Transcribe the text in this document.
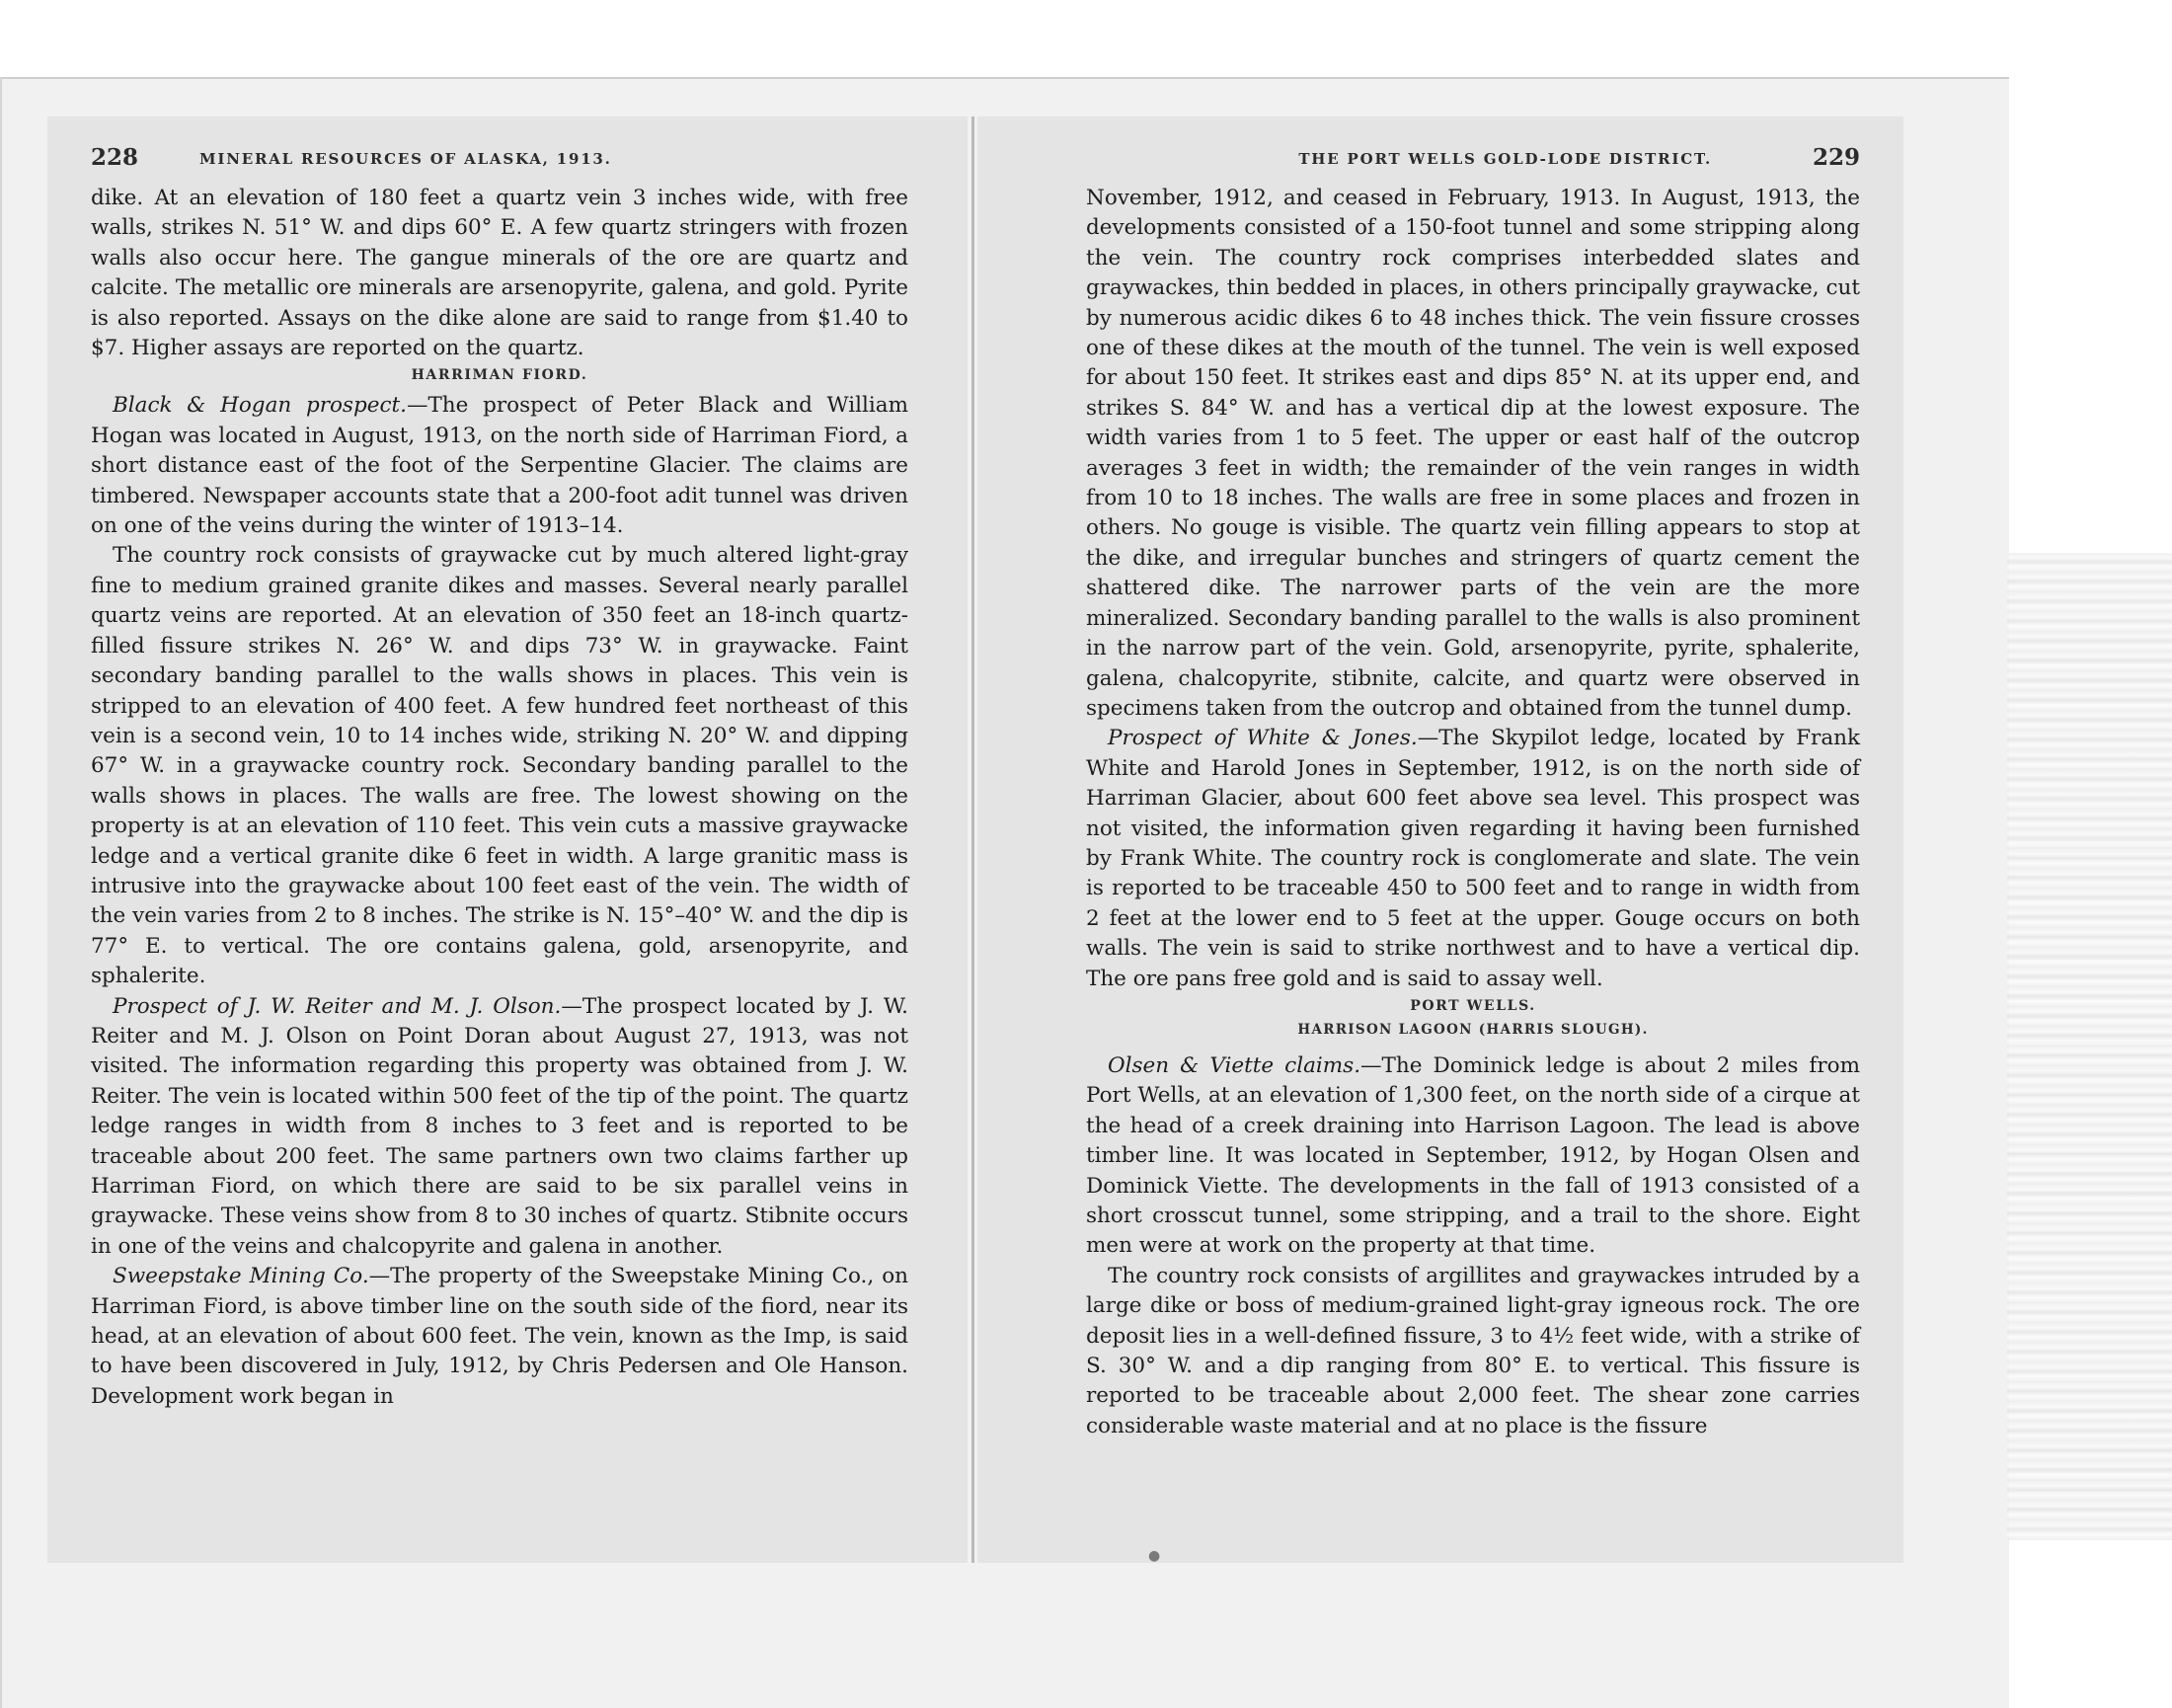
228	MINERAL RESOURCES OF ALASKA, 1913.

dike. At an elevation of 180 feet a quartz vein 3 inches wide, with free walls, strikes N. 51° W. and dips 60° E. A few quartz stringers with frozen walls also occur here. The gangue minerals of the ore are quartz and calcite. The metallic ore minerals are arsenopyrite, galena, and gold. Pyrite is also reported. Assays on the dike alone are said to range from $1.40 to $7. Higher assays are reported on the quartz.

HARRIMAN FIORD.

Black & Hogan prospect.—The prospect of Peter Black and William Hogan was located in August, 1913, on the north side of Harriman Fiord, a short distance east of the foot of the Serpentine Glacier. The claims are timbered. Newspaper accounts state that a 200-foot adit tunnel was driven on one of the veins during the winter of 1913–14.

The country rock consists of graywacke cut by much altered light-gray fine to medium grained granite dikes and masses. Several nearly parallel quartz veins are reported. At an elevation of 350 feet an 18-inch quartz-filled fissure strikes N. 26° W. and dips 73° W. in graywacke. Faint secondary banding parallel to the walls shows in places. This vein is stripped to an elevation of 400 feet. A few hundred feet northeast of this vein is a second vein, 10 to 14 inches wide, striking N. 20° W. and dipping 67° W. in a graywacke country rock. Secondary banding parallel to the walls shows in places. The walls are free. The lowest showing on the property is at an elevation of 110 feet. This vein cuts a massive graywacke ledge and a vertical granite dike 6 feet in width. A large granitic mass is intrusive into the graywacke about 100 feet east of the vein. The width of the vein varies from 2 to 8 inches. The strike is N. 15°–40° W. and the dip is 77° E. to vertical. The ore contains galena, gold, arsenopyrite, and sphalerite.

Prospect of J. W. Reiter and M. J. Olson.—The prospect located by J. W. Reiter and M. J. Olson on Point Doran about August 27, 1913, was not visited. The information regarding this property was obtained from J. W. Reiter. The vein is located within 500 feet of the tip of the point. The quartz ledge ranges in width from 8 inches to 3 feet and is reported to be traceable about 200 feet. The same partners own two claims farther up Harriman Fiord, on which there are said to be six parallel veins in graywacke. These veins show from 8 to 30 inches of quartz. Stibnite occurs in one of the veins and chalcopyrite and galena in another.

Sweepstake Mining Co.—The property of the Sweepstake Mining Co., on Harriman Fiord, is above timber line on the south side of the fiord, near its head, at an elevation of about 600 feet. The vein, known as the Imp, is said to have been discovered in July, 1912, by Chris Pedersen and Ole Hanson. Development work began in

THE PORT WELLS GOLD-LODE DISTRICT.	229

November, 1912, and ceased in February, 1913. In August, 1913, the developments consisted of a 150-foot tunnel and some stripping along the vein. The country rock comprises interbedded slates and graywackes, thin bedded in places, in others principally graywacke, cut by numerous acidic dikes 6 to 48 inches thick. The vein fissure crosses one of these dikes at the mouth of the tunnel. The vein is well exposed for about 150 feet. It strikes east and dips 85° N. at its upper end, and strikes S. 84° W. and has a vertical dip at the lowest exposure. The width varies from 1 to 5 feet. The upper or east half of the outcrop averages 3 feet in width; the remainder of the vein ranges in width from 10 to 18 inches. The walls are free in some places and frozen in others. No gouge is visible. The quartz vein filling appears to stop at the dike, and irregular bunches and stringers of quartz cement the shattered dike. The narrower parts of the vein are the more mineralized. Secondary banding parallel to the walls is also prominent in the narrow part of the vein. Gold, arsenopyrite, pyrite, sphalerite, galena, chalcopyrite, stibnite, calcite, and quartz were observed in specimens taken from the outcrop and obtained from the tunnel dump.

Prospect of White & Jones.—The Skypilot ledge, located by Frank White and Harold Jones in September, 1912, is on the north side of Harriman Glacier, about 600 feet above sea level. This prospect was not visited, the information given regarding it having been furnished by Frank White. The country rock is conglomerate and slate. The vein is reported to be traceable 450 to 500 feet and to range in width from 2 feet at the lower end to 5 feet at the upper. Gouge occurs on both walls. The vein is said to strike northwest and to have a vertical dip. The ore pans free gold and is said to assay well.

PORT WELLS.
HARRISON LAGOON (HARRIS SLOUGH).

Olsen & Viette claims.—The Dominick ledge is about 2 miles from Port Wells, at an elevation of 1,300 feet, on the north side of a cirque at the head of a creek draining into Harrison Lagoon. The lead is above timber line. It was located in September, 1912, by Hogan Olsen and Dominick Viette. The developments in the fall of 1913 consisted of a short crosscut tunnel, some stripping, and a trail to the shore. Eight men were at work on the property at that time.

The country rock consists of argillites and graywackes intruded by a large dike or boss of medium-grained light-gray igneous rock. The ore deposit lies in a well-defined fissure, 3 to 4½ feet wide, with a strike of S. 30° W. and a dip ranging from 80° E. to vertical. This fissure is reported to be traceable about 2,000 feet. The shear zone carries considerable waste material and at no place is the fissure

●
